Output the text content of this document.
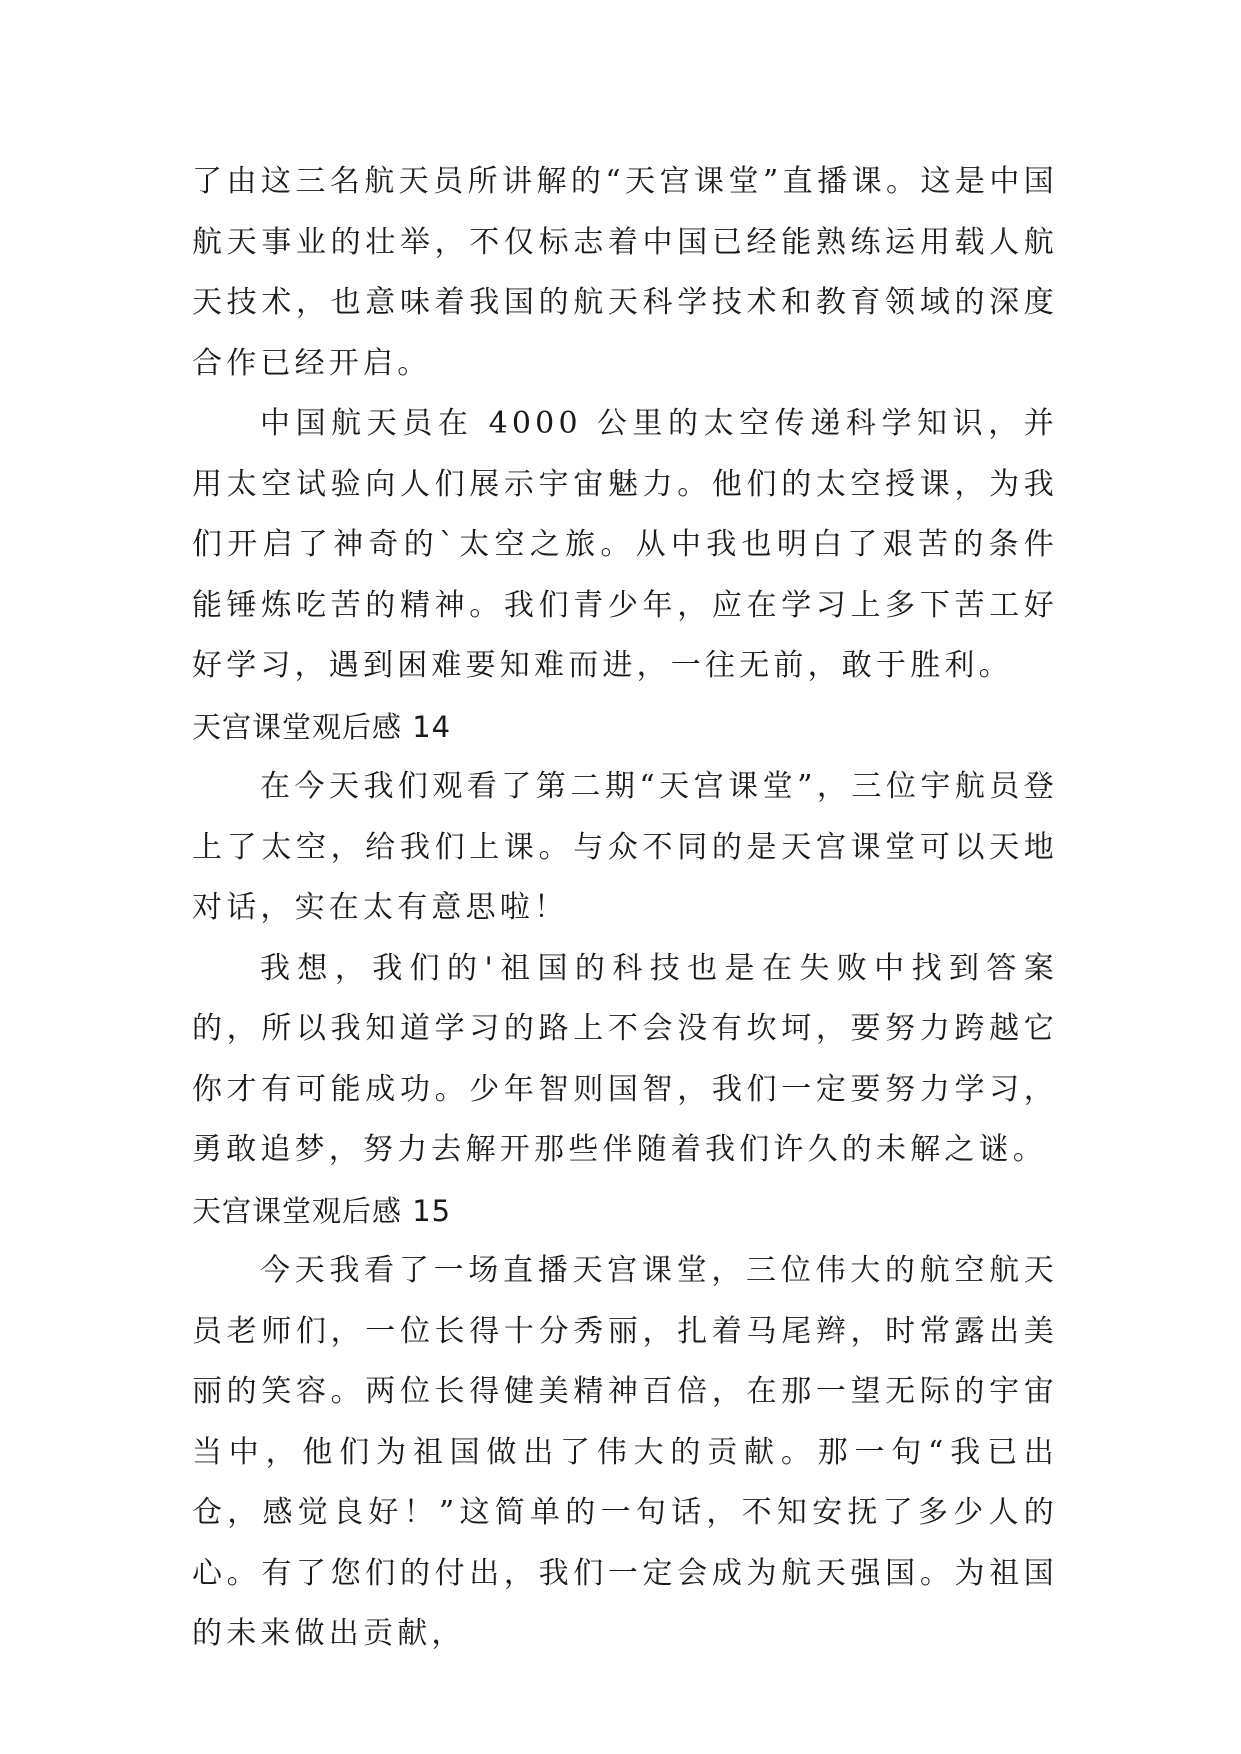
了由这三名航天员所讲解的“天宫课堂”直播课。这是中国航天事业的壮举，不仅标志着中国已经能熟练运用载人航天技术，也意味着我国的航天科学技术和教育领域的深度合作已经开启。

中国航天员在 4000 公里的太空传递科学知识，并用太空试验向人们展示宇宙魅力。他们的太空授课，为我们开启了神奇的`太空之旅。从中我也明白了艰苦的条件能锤炼吃苦的精神。我们青少年，应在学习上多下苦工好好学习，遇到困难要知难而进，一往无前，敢于胜利。

天宫课堂观后感 14

在今天我们观看了第二期“天宫课堂”，三位宇航员登上了太空，给我们上课。与众不同的是天宫课堂可以天地对话，实在太有意思啦！

我想，我们的'祖国的科技也是在失败中找到答案的，所以我知道学习的路上不会没有坎坷，要努力跨越它你才有可能成功。少年智则国智，我们一定要努力学习，勇敢追梦，努力去解开那些伴随着我们许久的未解之谜。

天宫课堂观后感 15

今天我看了一场直播天宫课堂，三位伟大的航空航天员老师们，一位长得十分秀丽，扎着马尾辫，时常露出美丽的笑容。两位长得健美精神百倍，在那一望无际的宇宙当中，他们为祖国做出了伟大的贡献。那一句“我已出仓，感觉良好！”这简单的一句话，不知安抚了多少人的心。有了您们的付出，我们一定会成为航天强国。为祖国的未来做出贡献，
